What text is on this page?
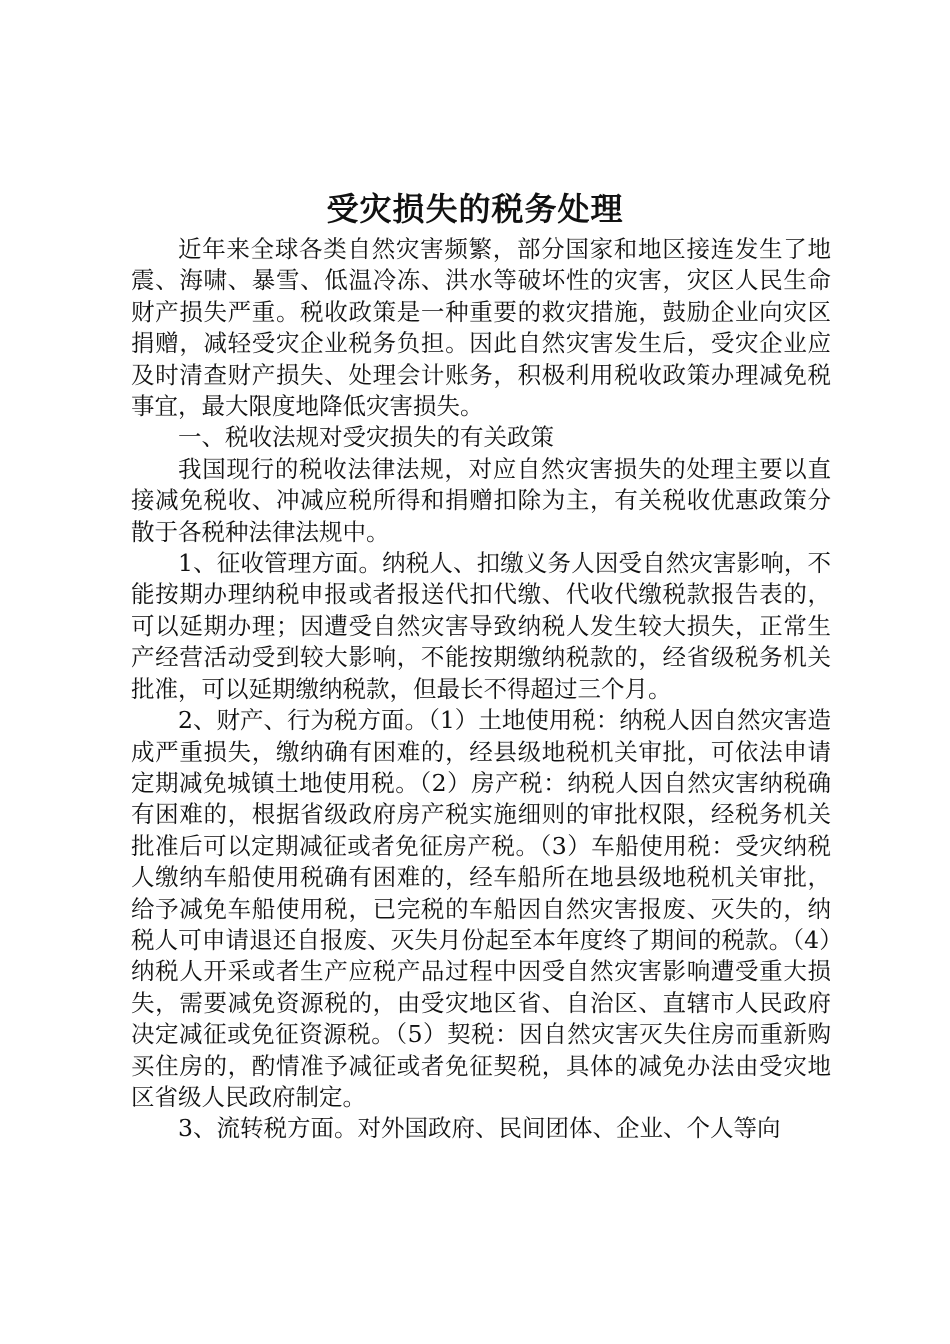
受灾损失的税务处理

近年来全球各类自然灾害频繁，部分国家和地区接连发生了地震、海啸、暴雪、低温冷冻、洪水等破坏性的灾害，灾区人民生命财产损失严重。税收政策是一种重要的救灾措施，鼓励企业向灾区捐赠，减轻受灾企业税务负担。因此自然灾害发生后，受灾企业应及时清查财产损失、处理会计账务，积极利用税收政策办理减免税事宜，最大限度地降低灾害损失。

一、税收法规对受灾损失的有关政策

我国现行的税收法律法规，对应自然灾害损失的处理主要以直接减免税收、冲减应税所得和捐赠扣除为主，有关税收优惠政策分散于各税种法律法规中。

1、征收管理方面。纳税人、扣缴义务人因受自然灾害影响，不能按期办理纳税申报或者报送代扣代缴、代收代缴税款报告表的，可以延期办理；因遭受自然灾害导致纳税人发生较大损失，正常生产经营活动受到较大影响，不能按期缴纳税款的，经省级税务机关批准，可以延期缴纳税款，但最长不得超过三个月。

2、财产、行为税方面。（1）土地使用税：纳税人因自然灾害造成严重损失，缴纳确有困难的，经县级地税机关审批，可依法申请定期减免城镇土地使用税。（2）房产税：纳税人因自然灾害纳税确有困难的，根据省级政府房产税实施细则的审批权限，经税务机关批准后可以定期减征或者免征房产税。（3）车船使用税：受灾纳税人缴纳车船使用税确有困难的，经车船所在地县级地税机关审批，给予减免车船使用税，已完税的车船因自然灾害报废、灭失的，纳税人可申请退还自报废、灭失月份起至本年度终了期间的税款。（4）纳税人开采或者生产应税产品过程中因受自然灾害影响遭受重大损失，需要减免资源税的，由受灾地区省、自治区、直辖市人民政府决定减征或免征资源税。（5）契税：因自然灾害灭失住房而重新购买住房的，酌情准予减征或者免征契税，具体的减免办法由受灾地区省级人民政府制定。

3、流转税方面。对外国政府、民间团体、企业、个人等向
